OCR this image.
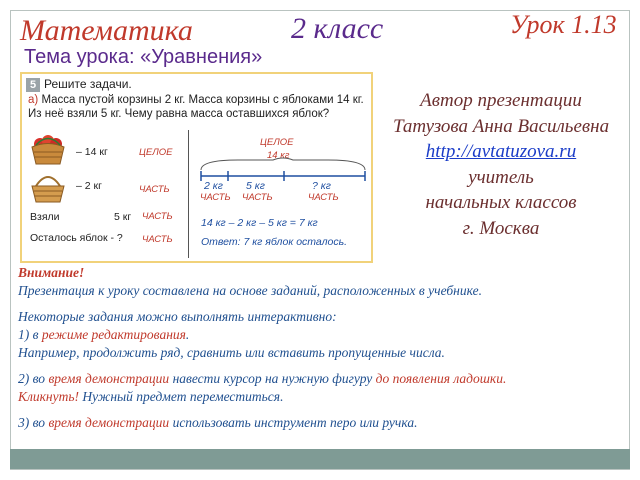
Математика	2 класс	Урок 1.13
Тема урока: «Уравнения»
5 Решите задачи.
а) Масса пустой корзины 2 кг. Масса корзины с яблоками 14 кг. Из неё взяли 5 кг. Чему равна масса оставшихся яблок?
– 14 кг	ЦЕЛОЕ
– 2 кг	ЧАСТЬ
Взяли	5 кг ЧАСТЬ
Осталось яблок - ? ЧАСТЬ
ЦЕЛОЕ
14 кг
2 кг
ЧАСТЬ
5 кг
ЧАСТЬ
? кг
ЧАСТЬ
14 кг – 2 кг – 5 кг = 7 кг
Ответ: 7 кг яблок осталось.
Автор презентации
Татузова Анна Васильевна
http://avtatuzova.ru
учитель
начальных классов
г. Москва

Внимание!

Презентация к уроку составлена на основе заданий, расположенных в учебнике.

Некоторые задания можно выполнять интерактивно:

1) в режиме редактирования.

Например, продолжить ряд, сравнить или вставить пропущенные числа.

2) во время демонстрации навести курсор на нужную фигуру до появления ладошки.

Кликнуть! Нужный предмет переместиться.

3) во время демонстрации использовать инструмент перо или ручка.
